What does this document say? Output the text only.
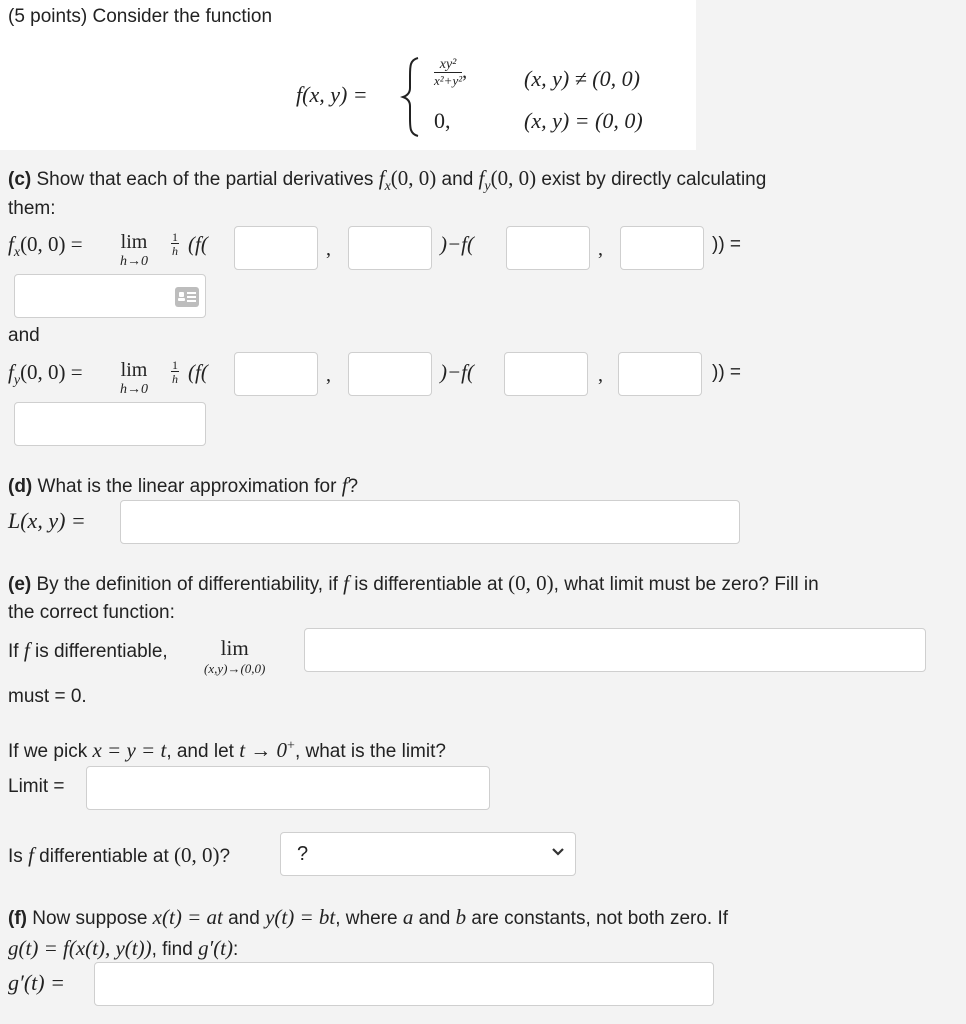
(5 points) Consider the function
f(x, y) =
$\frac{\text{xy²}}{\text{x²+y²}}$ ,	(x, y) ≠ (0, 0)
0,	(x, y) = (0, 0)
(c) Show that each of the partial derivatives $f_x(0$, 0) and $f_y(0$, 0) exist by directly calculating
them:
$f_x(0$, 0) = lim
h→0
$\frac{1}{h} (f$(	,	)−f(	,	)) =
and
$f_y(0$, 0) = lim
h→0
$\frac{1}{h} (f$(	,	)−f(	,	)) =
(d) What is the linear approximation for f?
L(x, y) =
(e) By the definition of differentiability, if f is differentiable at (0, 0), what limit must be zero? Fill in
the correct function:
If f is differentiable,	lim
(x,y)→(0,0)
must = 0.
If we pick x = y = t, and let t → 0+, what is the limit?
Limit =
Is f differentiable at (0, 0)?	?
(f) Now suppose x(t) = at and y(t) = bt, where a and b are constants, not both zero. If
g(t) = f(x(t), y(t)), find g′(t):
g′(t) =
